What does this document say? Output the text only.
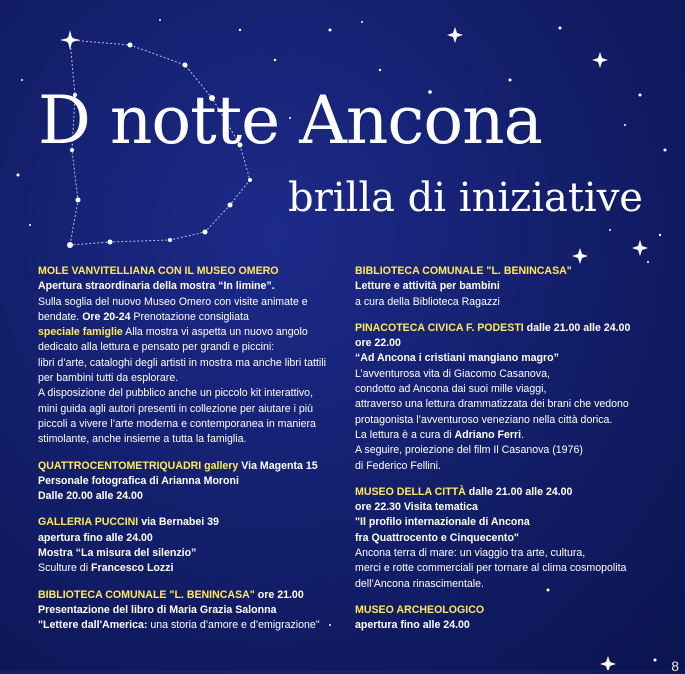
D notte Ancona
brilla di iniziative
MOLE VANVITELLIANA CON IL MUSEO OMERO
Apertura straordinaria della mostra “In limine”.
Sulla soglia del nuovo Museo Omero con visite animate e
bendate. Ore 20-24 Prenotazione consigliata
speciale famiglie Alla mostra vi aspetta un nuovo angolo
dedicato alla lettura e pensato per grandi e piccini:
libri d’arte, cataloghi degli artisti in mostra ma anche libri tattili
per bambini tutti da esplorare.
A disposizione del pubblico anche un piccolo kit interattivo,
mini guida agli autori presenti in collezione per aiutare i più
piccoli a vivere l’arte moderna e contemporanea in maniera
stimolante, anche insieme a tutta la famiglia.
QUATTROCENTOMETRIQUADRI gallery Via Magenta 15
Personale fotografica di Arianna Moroni
Dalle 20.00 alle 24.00
GALLERIA PUCCINI via Bernabei 39
apertura fino alle 24.00
Mostra “La misura del silenzio”
Sculture di Francesco Lozzi
BIBLIOTECA COMUNALE "L. BENINCASA" ore 21.00
Presentazione del libro di Maria Grazia Salonna
"Lettere dall'America: una storia d’amore e d’emigrazione"
BIBLIOTECA COMUNALE "L. BENINCASA"
Letture e attività per bambini
a cura della Biblioteca Ragazzi
PINACOTECA CIVICA F. PODESTI dalle 21.00 alle 24.00
ore 22.00
“Ad Ancona i cristiani mangiano magro”
L’avventurosa vita di Giacomo Casanova,
condotto ad Ancona dai suoi mille viaggi,
attraverso una lettura drammatizzata dei brani che vedono
protagonista l’avventuroso veneziano nella città dorica.
La lettura è a cura di Adriano Ferri.
A seguire, proiezione del film Il Casanova (1976)
di Federico Fellini.
MUSEO DELLA CITTÀ dalle 21.00 alle 24.00
ore 22.30 Visita tematica
"Il profilo internazionale di Ancona
fra Quattrocento e Cinquecento"
Ancona terra di mare: un viaggio tra arte, cultura,
merci e rotte commerciali per tornare al clima cosmopolita
dell’Ancona rinascimentale.
MUSEO ARCHEOLOGICO
apertura fino alle 24.00
8
